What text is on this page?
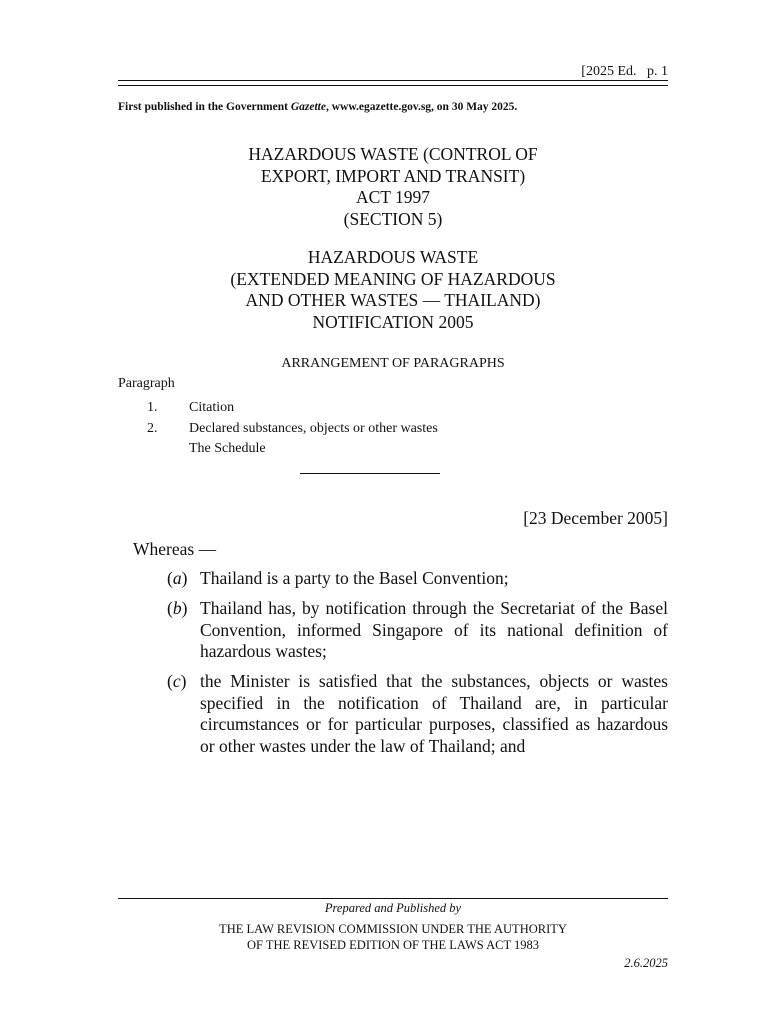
[2025 Ed.   p. 1
First published in the Government Gazette, www.egazette.gov.sg, on 30 May 2025.
HAZARDOUS WASTE (CONTROL OF
EXPORT, IMPORT AND TRANSIT)
ACT 1997
(SECTION 5)
HAZARDOUS WASTE
(EXTENDED MEANING OF HAZARDOUS
AND OTHER WASTES — THAILAND)
NOTIFICATION 2005
ARRANGEMENT OF PARAGRAPHS
Paragraph
1.	Citation
2.	Declared substances, objects or other wastes
The Schedule
[23 December 2005]
Whereas —
(a) Thailand is a party to the Basel Convention;
(b) Thailand has, by notification through the Secretariat of the Basel Convention, informed Singapore of its national definition of hazardous wastes;
(c) the Minister is satisfied that the substances, objects or wastes specified in the notification of Thailand are, in particular circumstances or for particular purposes, classified as hazardous or other wastes under the law of Thailand; and
Prepared and Published by
THE LAW REVISION COMMISSION UNDER THE AUTHORITY
OF THE REVISED EDITION OF THE LAWS ACT 1983
2.6.2025
